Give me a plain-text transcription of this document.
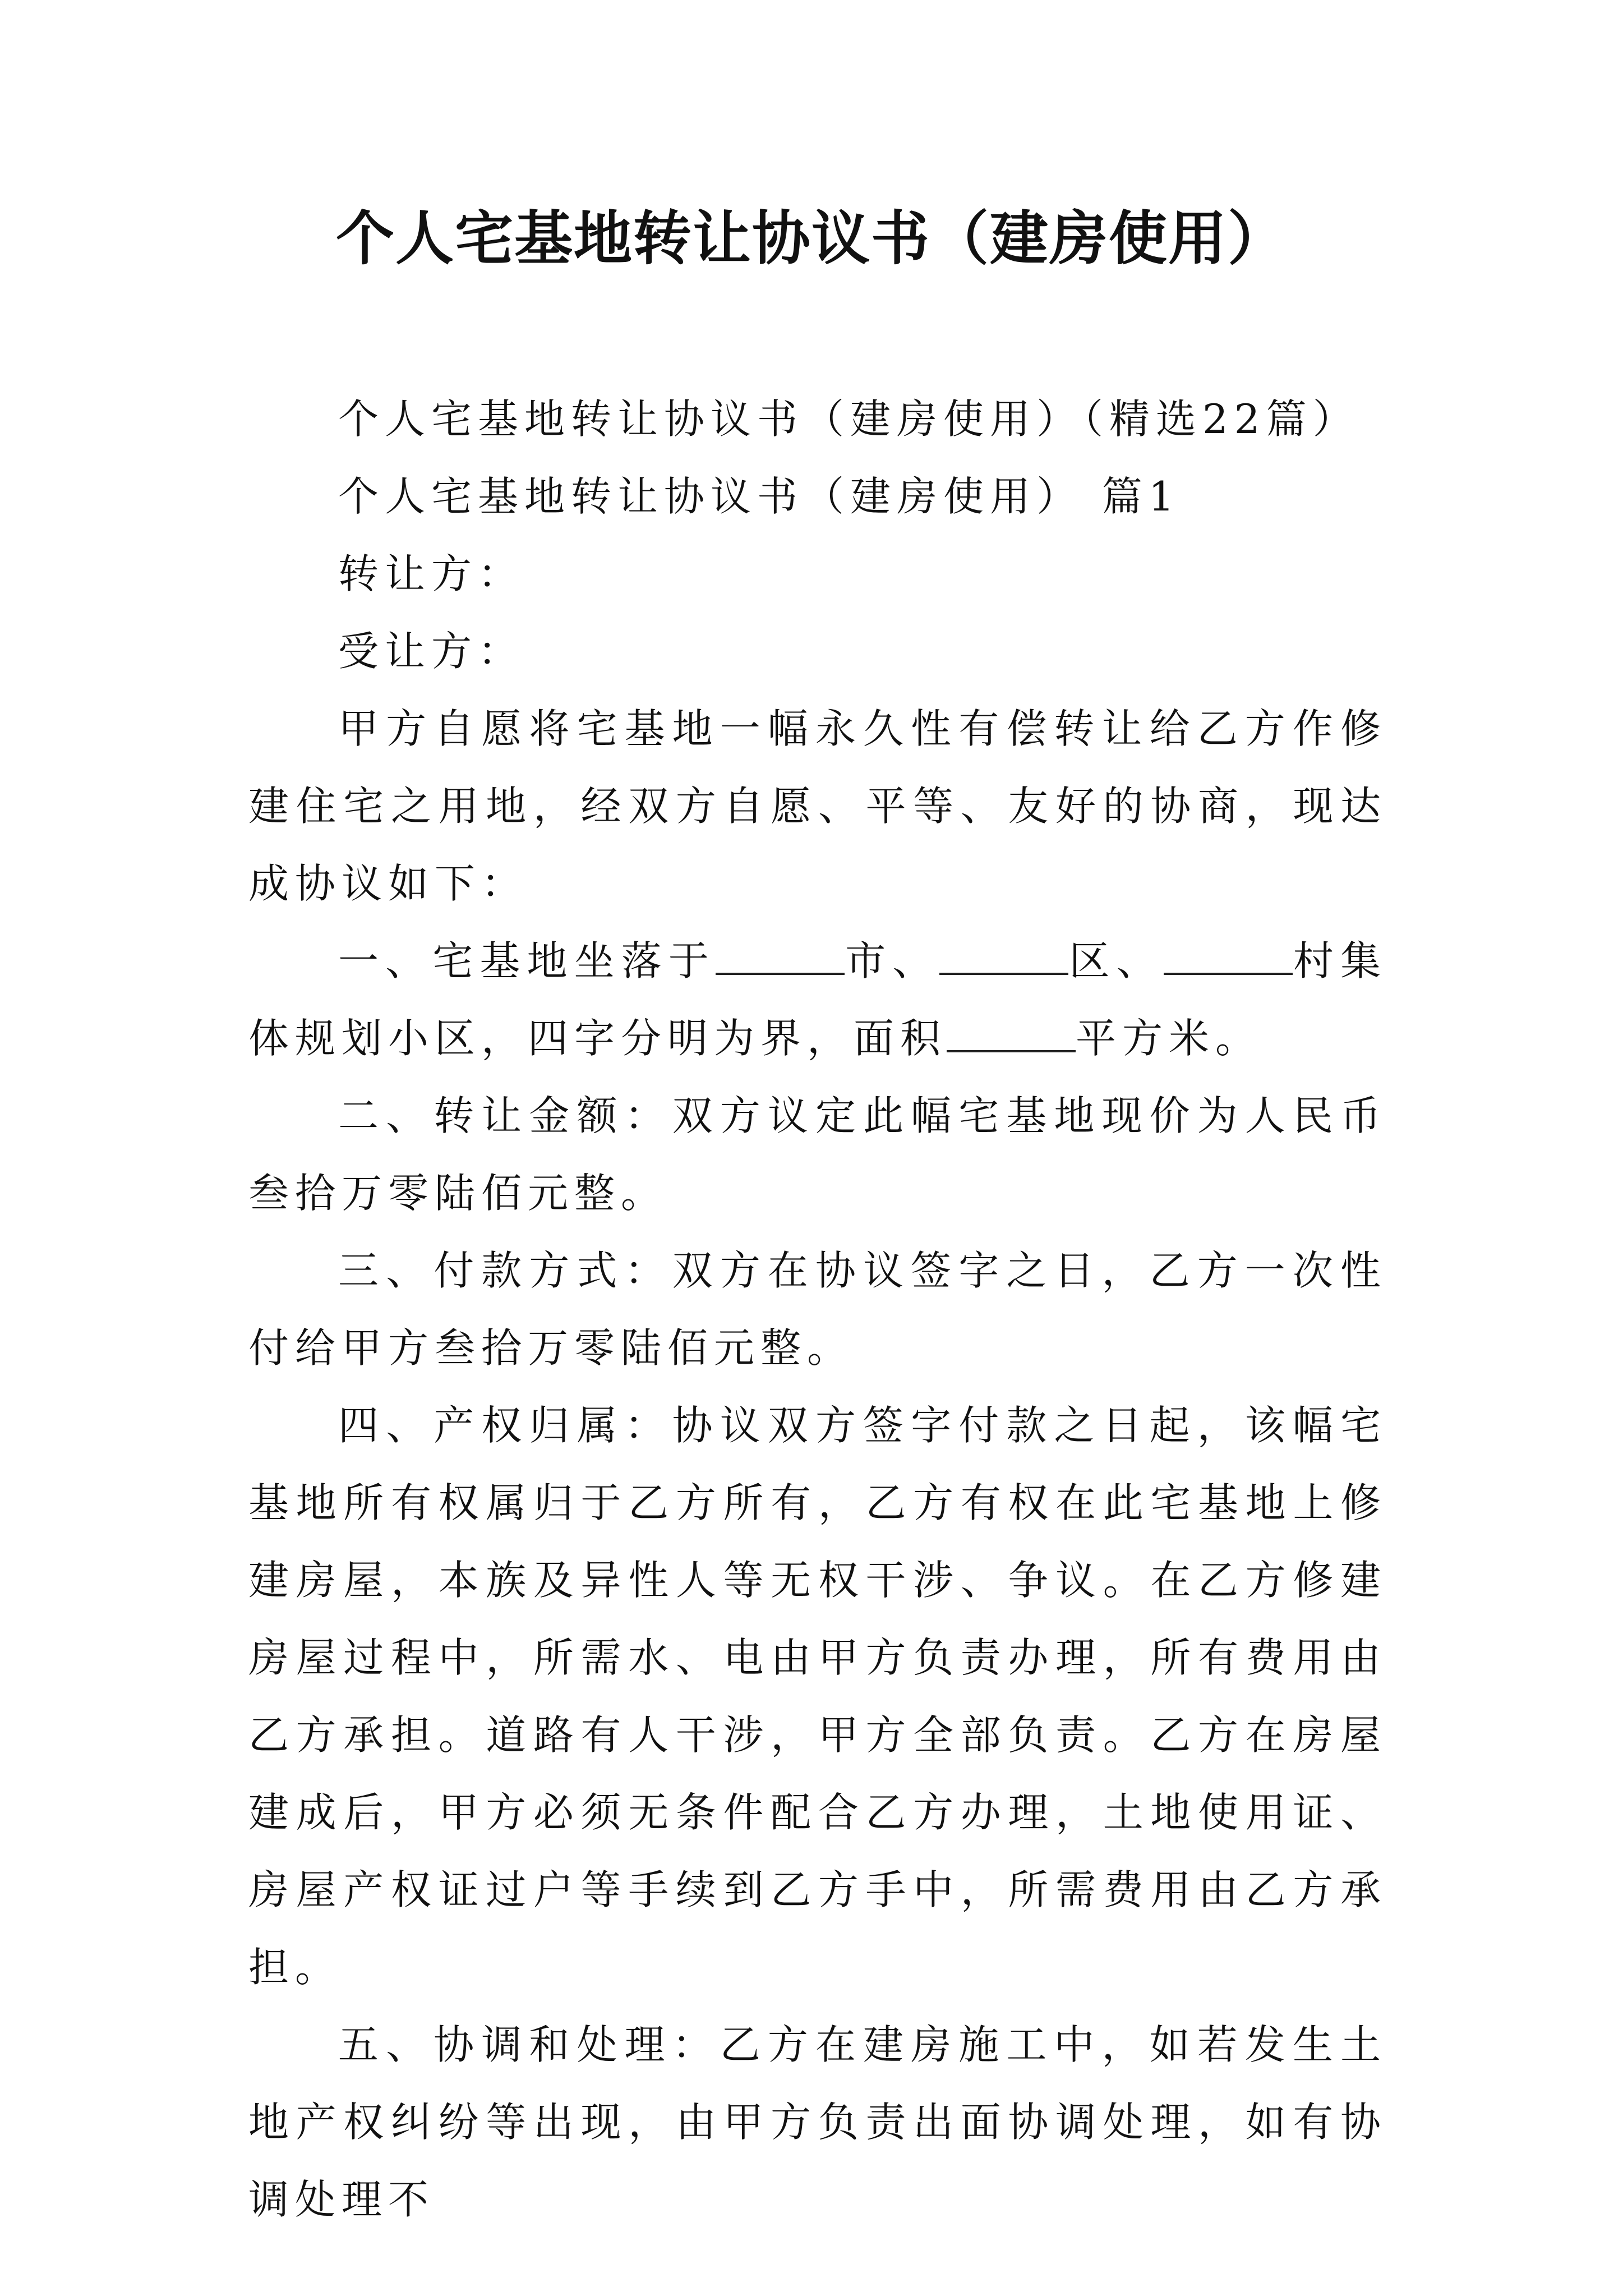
个人宅基地转让协议书（建房使用）

个人宅基地转让协议书（建房使用）（精选22篇）

个人宅基地转让协议书（建房使用） 篇1

转让方：

受让方：

甲方自愿将宅基地一幅永久性有偿转让给乙方作修建住宅之用地，经双方自愿、平等、友好的协商，现达成协议如下：

一、宅基地坐落于	市、	区、	村集体规划小区，四字分明为界，面积	平方米。

二、转让金额：双方议定此幅宅基地现价为人民币叁拾万零陆佰元整。

三、付款方式：双方在协议签字之日，乙方一次性付给甲方叁拾万零陆佰元整。

四、产权归属：协议双方签字付款之日起，该幅宅基地所有权属归于乙方所有，乙方有权在此宅基地上修建房屋，本族及异性人等无权干涉、争议。在乙方修建房屋过程中，所需水、电由甲方负责办理，所有费用由乙方承担。道路有人干涉，甲方全部负责。乙方在房屋建成后，甲方必须无条件配合乙方办理，土地使用证、房屋产权证过户等手续到乙方手中，所需费用由乙方承担。

五、协调和处理：乙方在建房施工中，如若发生土地产权纠纷等出现，由甲方负责出面协调处理，如有协调处理不
